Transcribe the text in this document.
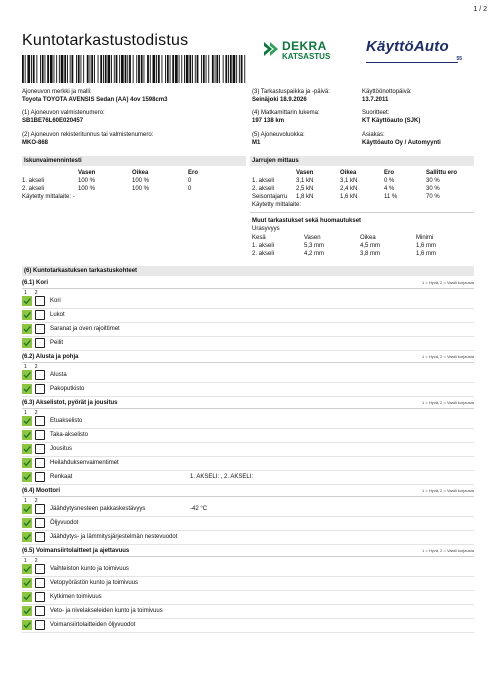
1 / 2
Kuntotarkastustodistus	DEKRA
KATSASTUS
KäyttöAuto
55
Ajoneuvon merkki ja malli:
Toyota TOYOTA AVENSIS Sedan (AA) 4ov 1598cm3
(3) Tarkastuspaikka ja -päivä:
Seinäjoki 18.9.2026
Käyttöönottopäivä:
13.7.2011
(1) Ajoneuvon valmistenumero:
SB1BE76L60E020457
(4) Matkamittarin lukema:
197 138 km
Suoritteet:
KT Käyttöauto (SJK)
(2) Ajoneuvon rekisteritunnus tai valmistenumero:
MKO-868
(5) Ajoneuvoluokka:
M1
Asiakas:
Käyttöauto Oy / Automyynti
Iskunvaimennintesti
Vasen	Oikea	Ero
1. akseli	100 %	100 %	0
2. akseli	100 %	100 %	0
Käytetty mittalaite: -
Jarrujen mittaus
Vasen	Oikea	Ero	Sallittu ero
1. akseli	3,1 kN	3,1 kN	0 %	30 %
2. akseli	2,5 kN	2,4 kN	4 %	30 %
Seisontajarru 1,8 kN	1,6 kN	11 %	70 %
Käytetty mittalaite:
Muut tarkastukset sekä huomautukset
Urasyvyys
Kesä	Vasen	Oikea	Minimi
1. akseli	5,3 mm	4,5 mm	1,6 mm
2. akseli	4,2 mm	3,8 mm	1,6 mm
(6) Kuntotarkastuksen tarkastuskohteet
(6.1) Kori	1 = Hyvä, 2 = Vaatii korjausta
1 2
Kori
Lukot
Saranat ja oven rajoittimet
Peilit
(6.2) Alusta ja pohja	1 = Hyvä, 2 = Vaatii korjausta
1 2
Alusta
Pakoputkisto
(6.3) Akselistot, pyörät ja jousitus	1 = Hyvä, 2 = Vaatii korjausta
1 2
Etuakselisto
Taka-akselisto
Jousitus
Heilahduksenvaimentimet
Renkaat	1. AKSELI: , 2. AKSELI:
(6.4) Moottori	1 = Hyvä, 2 = Vaatii korjausta
1 2
Jäähdytysnesteen pakkaskestävyys	-42 °C
Öljyvuodot
Jäähdytys- ja lämmitysjärjestelmän nestevuodot
(6.5) Voimansiirtolaitteet ja ajettavuus	1 = Hyvä, 2 = Vaatii korjausta
1 2
Vaihteiston kunto ja toimivuus
Vetopyörästön kunto ja toimivuus
Kytkimen toimivuus
Veto- ja nivelakseleiden kunto ja toimivuus
Voimansiirtolaitteiden öljyvuodot
